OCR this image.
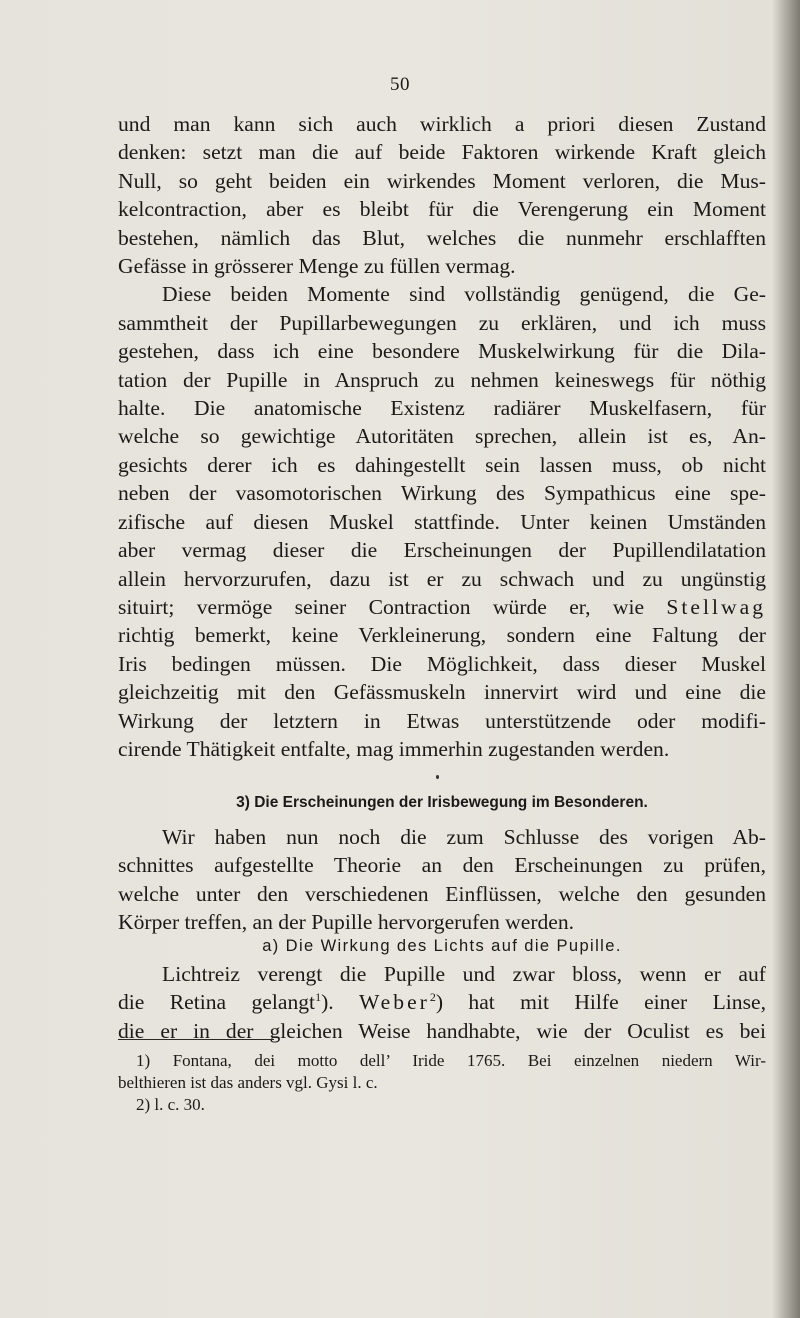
50
und man kann sich auch wirklich a priori diesen Zustand
denken: setzt man die auf beide Faktoren wirkende Kraft gleich
Null, so geht beiden ein wirkendes Moment verloren, die Mus-
kelcontraction, aber es bleibt für die Verengerung ein Moment
bestehen, nämlich das Blut, welches die nunmehr erschlafften
Gefässe in grösserer Menge zu füllen vermag.
Diese beiden Momente sind vollständig genügend, die Ge-
sammtheit der Pupillarbewegungen zu erklären, und ich muss
gestehen, dass ich eine besondere Muskelwirkung für die Dila-
tation der Pupille in Anspruch zu nehmen keineswegs für nöthig
halte. Die anatomische Existenz radiärer Muskelfasern, für
welche so gewichtige Autoritäten sprechen, allein ist es, An-
gesichts derer ich es dahingestellt sein lassen muss, ob nicht
neben der vasomotorischen Wirkung des Sympathicus eine spe-
zifische auf diesen Muskel stattfinde. Unter keinen Umständen
aber vermag dieser die Erscheinungen der Pupillendilatation
allein hervorzurufen, dazu ist er zu schwach und zu ungünstig
situirt; vermöge seiner Contraction würde er, wie Stellwag
richtig bemerkt, keine Verkleinerung, sondern eine Faltung der
Iris bedingen müssen. Die Möglichkeit, dass dieser Muskel
gleichzeitig mit den Gefässmuskeln innervirt wird und eine die
Wirkung der letztern in Etwas unterstützende oder modifi-
cirende Thätigkeit entfalte, mag immerhin zugestanden werden.
3) Die Erscheinungen der Irisbewegung im Besonderen.
Wir haben nun noch die zum Schlusse des vorigen Ab-
schnittes aufgestellte Theorie an den Erscheinungen zu prüfen,
welche unter den verschiedenen Einflüssen, welche den gesunden
Körper treffen, an der Pupille hervorgerufen werden.
a) Die Wirkung des Lichts auf die Pupille.
Lichtreiz verengt die Pupille und zwar bloss, wenn er auf
die Retina gelangt$^1$). Weber$^2$) hat mit Hilfe einer Linse,
die er in der gleichen Weise handhabte, wie der Oculist es bei
1) Fontana, dei motto dell’ Iride 1765. Bei einzelnen niedern Wir-
belthieren ist das anders vgl. Gysi l. c.
2) l. c. 30.
